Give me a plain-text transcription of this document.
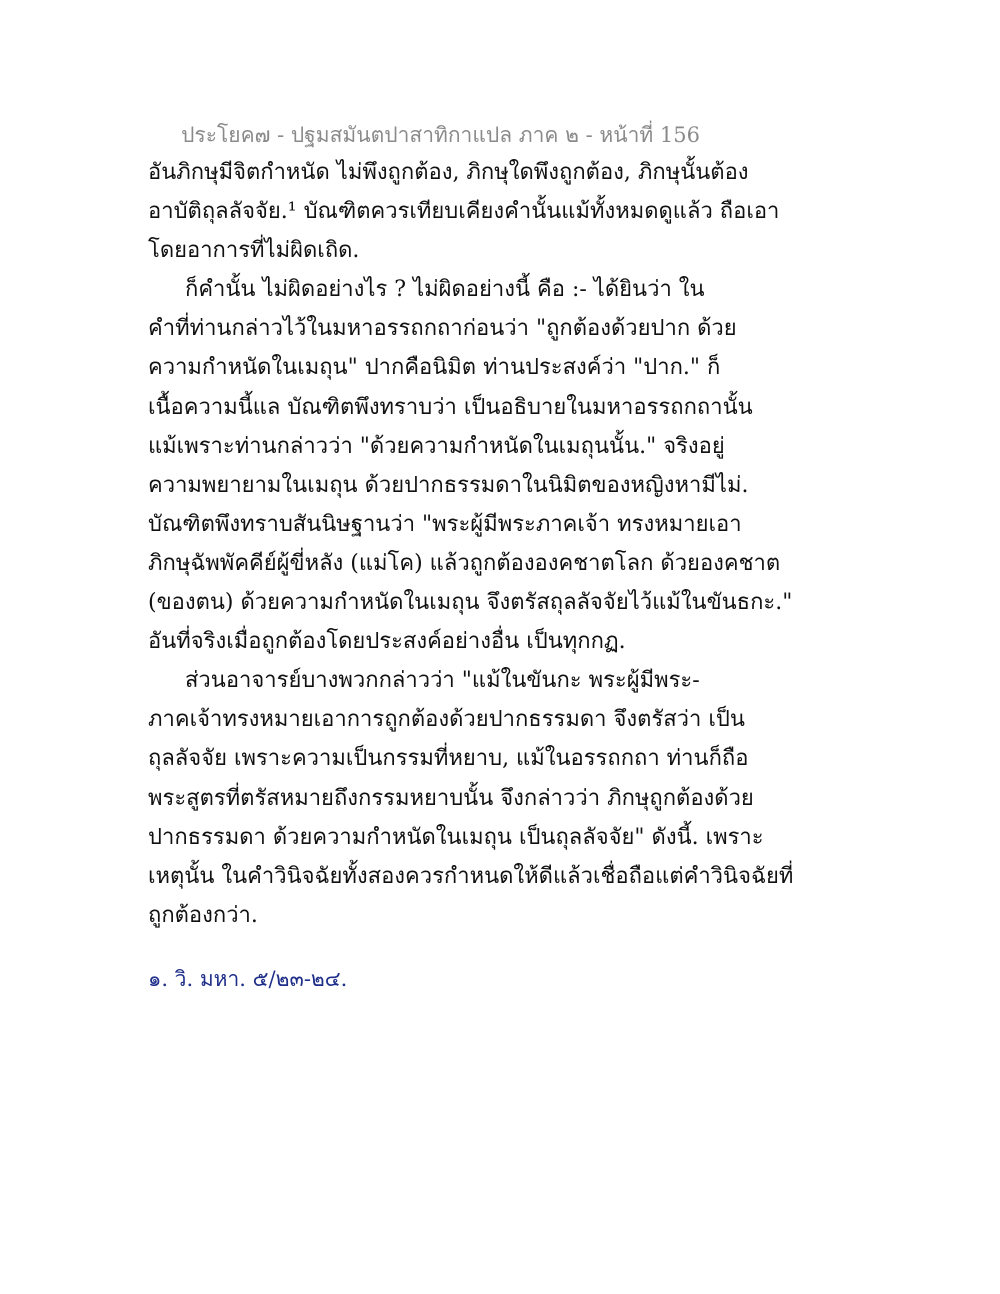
ประโยค๗ - ปฐมสมันตปาสาทิกาแปล ภาค ๒ - หน้าที่ 156
อันภิกษุมีจิตกำหนัด ไม่พึงถูกต้อง, ภิกษุใดพึงถูกต้อง, ภิกษุนั้นต้อง
อาบัติถุลลัจจัย.¹ บัณฑิตควรเทียบเคียงคำนั้นแม้ทั้งหมดดูแล้ว ถือเอา
โดยอาการที่ไม่ผิดเถิด.
ก็คำนั้น ไม่ผิดอย่างไร ? ไม่ผิดอย่างนี้ คือ :- ได้ยินว่า ใน
คำที่ท่านกล่าวไว้ในมหาอรรถกถาก่อนว่า "ถูกต้องด้วยปาก ด้วย
ความกำหนัดในเมถุน" ปากคือนิมิต ท่านประสงค์ว่า "ปาก." ก็
เนื้อความนี้แล บัณฑิตพึงทราบว่า เป็นอธิบายในมหาอรรถกถานั้น
แม้เพราะท่านกล่าวว่า "ด้วยความกำหนัดในเมถุนนั้น." จริงอยู่
ความพยายามในเมถุน ด้วยปากธรรมดาในนิมิตของหญิงหามีไม่.
บัณฑิตพึงทราบสันนิษฐานว่า "พระผู้มีพระภาคเจ้า ทรงหมายเอา
ภิกษุฉัพพัคคีย์ผู้ขี่หลัง (แม่โค) แล้วถูกต้ององคชาตโลก ด้วยองคชาต
(ของตน) ด้วยความกำหนัดในเมถุน จึงตรัสถุลลัจจัยไว้แม้ในขันธกะ."
อันที่จริงเมื่อถูกต้องโดยประสงค์อย่างอื่น เป็นทุกกฏ.
ส่วนอาจารย์บางพวกกล่าวว่า "แม้ในขันกะ พระผู้มีพระ-
ภาคเจ้าทรงหมายเอาการถูกต้องด้วยปากธรรมดา จึงตรัสว่า เป็น
ถุลลัจจัย เพราะความเป็นกรรมที่หยาบ, แม้ในอรรถกถา ท่านก็ถือ
พระสูตรที่ตรัสหมายถึงกรรมหยาบนั้น จึงกล่าวว่า ภิกษุถูกต้องด้วย
ปากธรรมดา ด้วยความกำหนัดในเมถุน เป็นถุลลัจจัย" ดังนี้. เพราะ
เหตุนั้น ในคำวินิจฉัยทั้งสองควรกำหนดให้ดีแล้วเชื่อถือแต่คำวินิจฉัยที่
ถูกต้องกว่า.
๑. วิ. มหา. ๕/๒๓-๒๔.
